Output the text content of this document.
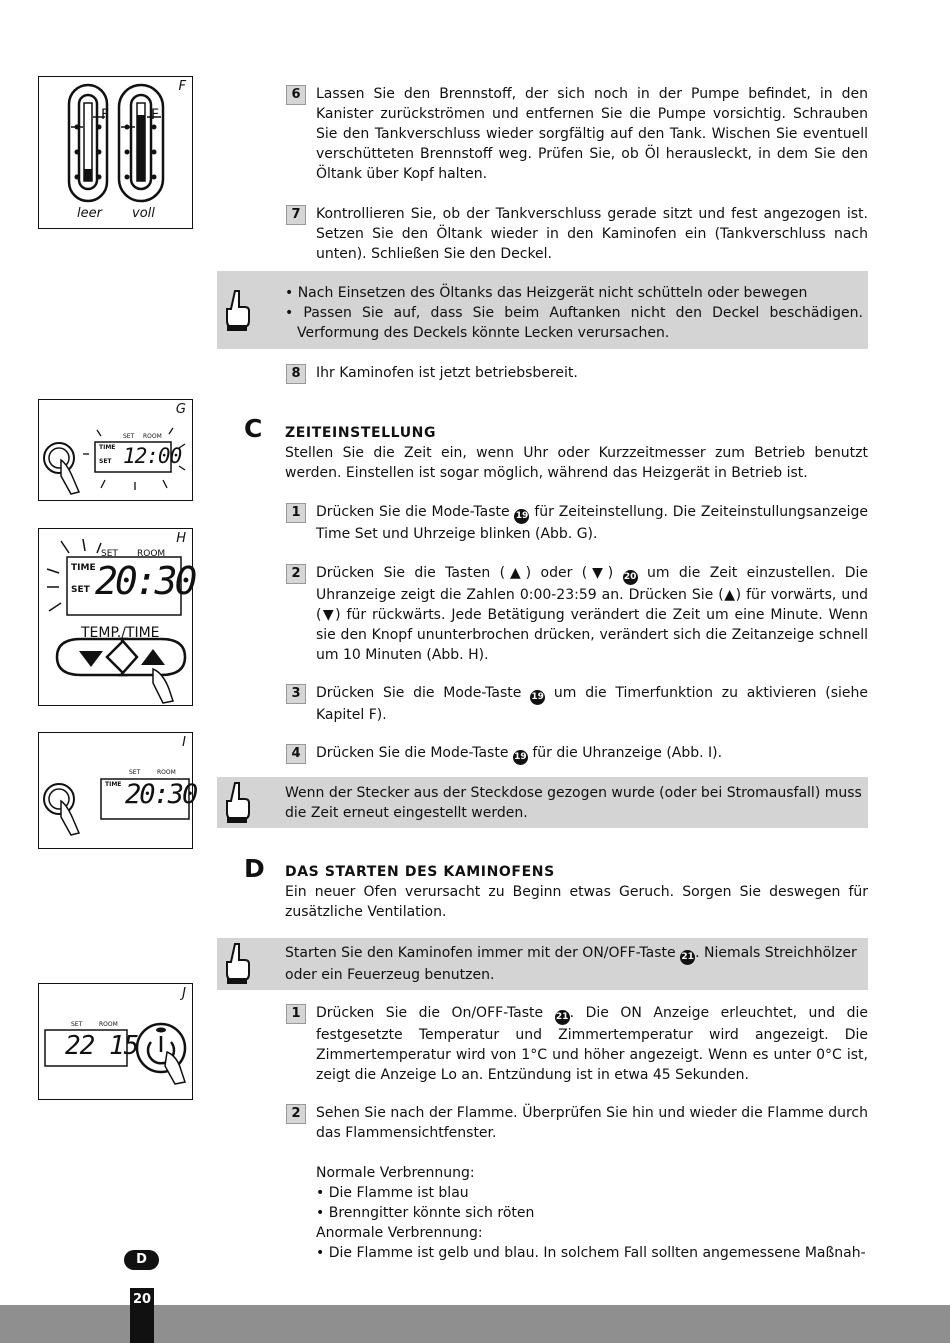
F
F	F
leer voll
G
SET ROOM
TIME
SET 12:00
H
SET ROOM
TIME
SET 20:30
TEMP./TIME
I
SET	ROOM
TIME 20:30
J
SET	ROOM
22 15
6	Lassen Sie den Brennstoff, der sich noch in der Pumpe befindet, in den Kanister zurückströmen und entfernen Sie die Pumpe vorsichtig. Schrauben Sie den Tankverschluss wieder sorgfältig auf den Tank. Wischen Sie eventuell verschütteten Brennstoff weg. Prüfen Sie, ob Öl herausleckt, in dem Sie den Öltank über Kopf halten.

7	Kontrollieren Sie, ob der Tankverschluss gerade sitzt und fest angezogen ist. Setzen Sie den Öltank wieder in den Kaminofen ein (Tankverschluss nach unten). Schließen Sie den Deckel.

• Nach Einsetzen des Öltanks das Heizgerät nicht schütteln oder bewegen

• Passen Sie auf, dass Sie beim Auftanken nicht den Deckel beschädigen.

Verformung des Deckels könnte Lecken verursachen.

8	Ihr Kaminofen ist jetzt betriebsbereit.

C ZEITEINSTELLUNG

Stellen Sie die Zeit ein, wenn Uhr oder Kurzzeitmesser zum Betrieb benutzt werden. Einstellen ist sogar möglich, während das Heizgerät in Betrieb ist.

1	Drücken Sie die Mode-Taste 19 für Zeiteinstellung. Die Zeiteinstullungsanzeige Time Set und Uhrzeige blinken (Abb. G).

2	Drücken Sie die Tasten (▲) oder (▼) 20 um die Zeit einzustellen. Die Uhranzeige zeigt die Zahlen 0:00-23:59 an. Drücken Sie (▲) für vorwärts, und (▼) für rückwärts. Jede Betätigung verändert die Zeit um eine Minute. Wenn sie den Knopf ununterbrochen drücken, verändert sich die Zeitanzeige schnell um 10 Minuten (Abb. H).

3	Drücken Sie die Mode-Taste 19 um die Timerfunktion zu aktivieren (siehe Kapitel F).

4	Drücken Sie die Mode-Taste 19 für die Uhranzeige (Abb. I).

Wenn der Stecker aus der Steckdose gezogen wurde (oder bei Stromausfall) muss die Zeit erneut eingestellt werden.

D DAS STARTEN DES KAMINOFENS

Ein neuer Ofen verursacht zu Beginn etwas Geruch. Sorgen Sie deswegen für zusätzliche Ventilation.

Starten Sie den Kaminofen immer mit der ON/OFF-Taste 21. Niemals Streichhölzer oder ein Feuerzeug benutzen.

1	Drücken Sie die On/OFF-Taste 21. Die ON Anzeige erleuchtet, und die festgesetzte Temperatur und Zimmertemperatur wird angezeigt. Die Zimmertemperatur wird von 1°C und höher angezeigt. Wenn es unter 0°C ist, zeigt die Anzeige Lo an. Entzündung ist in etwa 45 Sekunden.

2	Sehen Sie nach der Flamme. Überprüfen Sie hin und wieder die Flamme durch das Flammensichtfenster.

Normale Verbrennung:
• Die Flamme ist blau
• Brenngitter könnte sich röten
Anormale Verbrennung:
• Die Flamme ist gelb und blau. In solchem Fall sollten angemessene Maßnah-
D
20
